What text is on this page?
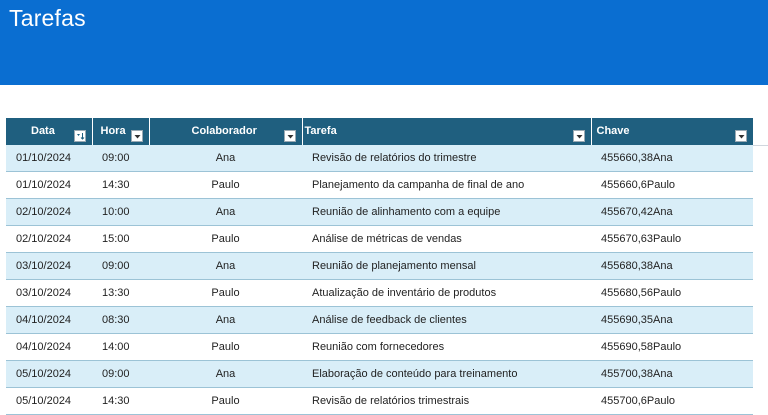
Tarefas
Data	Hora	Colaborador	Tarefa	Chave

01/10/2024	09:00	Ana	Revisão de relatórios do trimestre	455660,38Ana
01/10/2024	14:30	Paulo	Planejamento da campanha de final de ano	455660,6Paulo
02/10/2024	10:00	Ana	Reunião de alinhamento com a equipe	455670,42Ana
02/10/2024	15:00	Paulo	Análise de métricas de vendas	455670,63Paulo
03/10/2024	09:00	Ana	Reunião de planejamento mensal	455680,38Ana
03/10/2024	13:30	Paulo	Atualização de inventário de produtos	455680,56Paulo
04/10/2024	08:30	Ana	Análise de feedback de clientes	455690,35Ana
04/10/2024	14:00	Paulo	Reunião com fornecedores	455690,58Paulo
05/10/2024	09:00	Ana	Elaboração de conteúdo para treinamento	455700,38Ana
05/10/2024	14:30	Paulo	Revisão de relatórios trimestrais	455700,6Paulo
